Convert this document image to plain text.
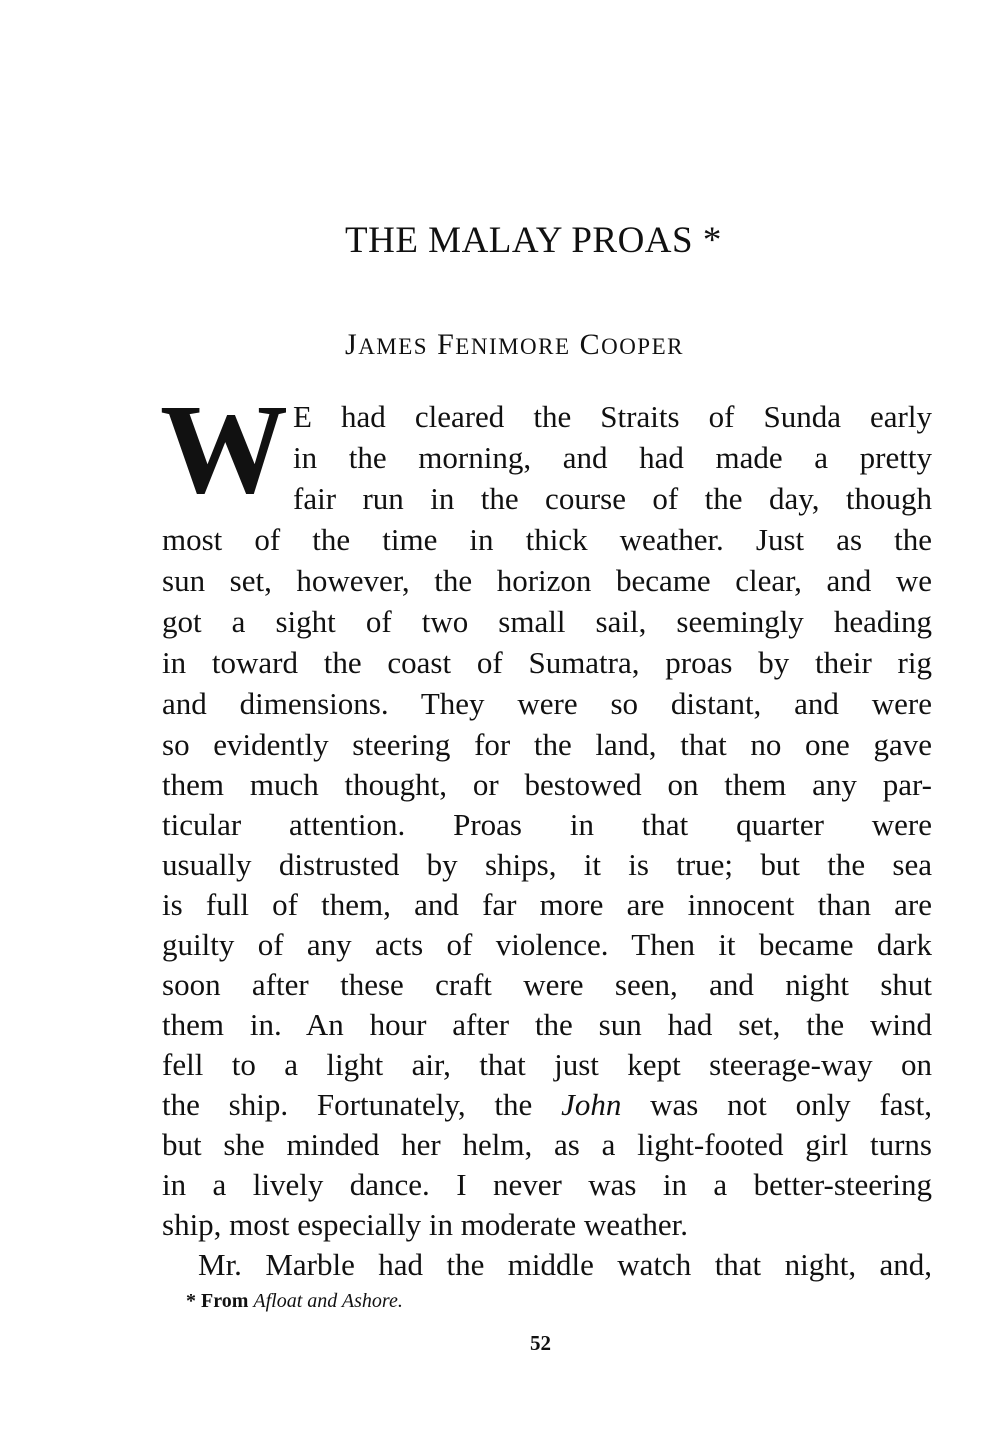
THE MALAY PROAS *
JAMES FENIMORE COOPER
W E had cleared the Straits of Sunda early
in the morning, and had made a pretty
fair run in the course of the day, though
most of the time in thick weather. Just as the
sun set, however, the horizon became clear, and we
got a sight of two small sail, seemingly heading
in toward the coast of Sumatra, proas by their rig
and dimensions. They were so distant, and were
so evidently steering for the land, that no one gave
them much thought, or bestowed on them any par-
ticular attention. Proas in that quarter were
usually distrusted by ships, it is true; but the sea
is full of them, and far more are innocent than are
guilty of any acts of violence. Then it became dark
soon after these craft were seen, and night shut
them in. An hour after the sun had set, the wind
fell to a light air, that just kept steerage-way on
the ship. Fortunately, the John was not only fast,
but she minded her helm, as a light-footed girl turns
in a lively dance. I never was in a better-steering
ship, most especially in moderate weather.
Mr. Marble had the middle watch that night, and,
* From Afloat and Ashore.
52
